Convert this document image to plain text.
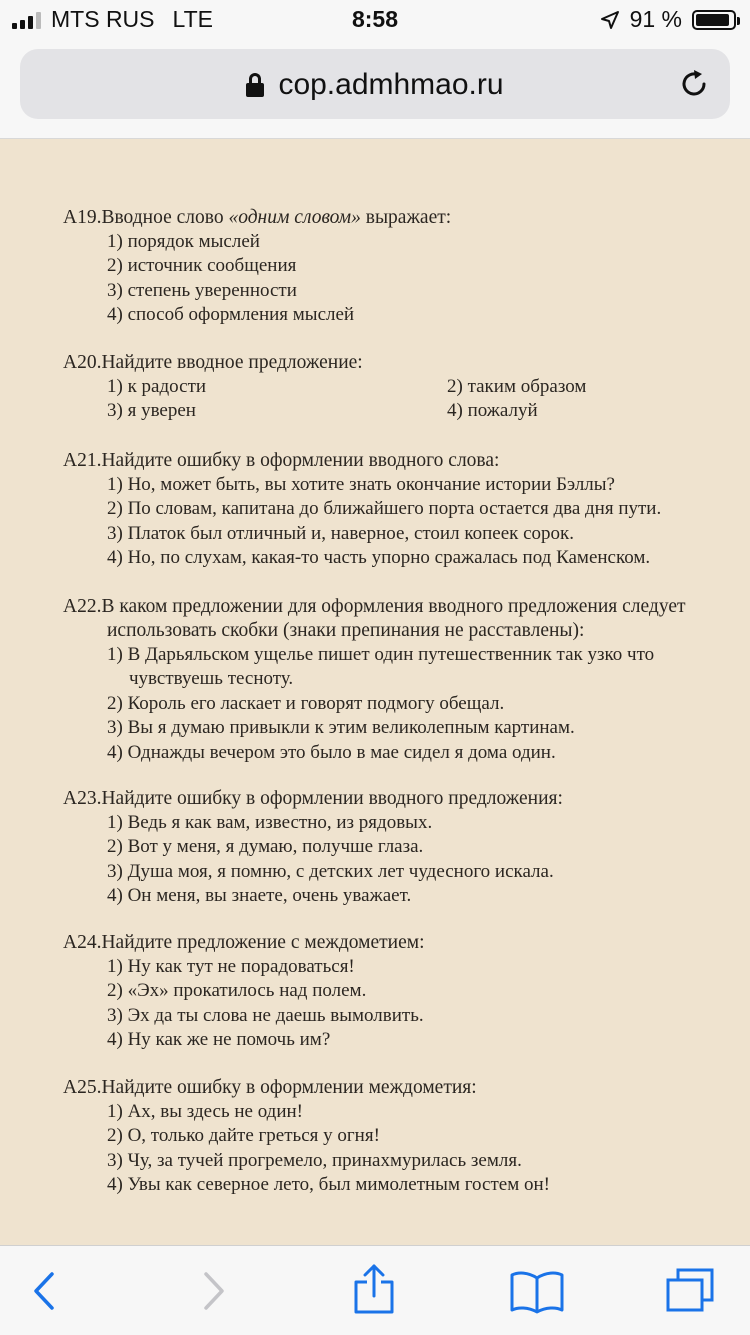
MTS RUS LTE	8:58	91 %
cop.admhmao.ru
A19.Вводное слово «одним словом» выражает:
1) порядок мыслей
2) источник сообщения
3) степень уверенности
4) способ оформления мыслей
A20.Найдите вводное предложение:
1) к радости	2) таким образом
3) я уверен	4) пожалуй
A21.Найдите ошибку в оформлении вводного слова:
1) Но, может быть, вы хотите знать окончание истории Бэллы?
2) По словам, капитана до ближайшего порта остается два дня пути.
3) Платок был отличный и, наверное, стоил копеек сорок.
4) Но, по слухам, какая-то часть упорно сражалась под Каменском.
A22.В каком предложении для оформления вводного предложения следует
использовать скобки (знаки препинания не расставлены):
1) В Дарьяльском ущелье пишет один путешественник так узко что
чувствуешь тесноту.
2) Король его ласкает и говорят подмогу обещал.
3) Вы я думаю привыкли к этим великолепным картинам.
4) Однажды вечером это было в мае сидел я дома один.
A23.Найдите ошибку в оформлении вводного предложения:
1) Ведь я как вам, известно, из рядовых.
2) Вот у меня, я думаю, получше глаза.
3) Душа моя, я помню, с детских лет чудесного искала.
4) Он меня, вы знаете, очень уважает.
A24.Найдите предложение с междометием:
1) Ну как тут не порадоваться!
2) «Эх» прокатилось над полем.
3) Эх да ты слова не даешь вымолвить.
4) Ну как же не помочь им?
A25.Найдите ошибку в оформлении междометия:
1) Ах, вы здесь не один!
2) О, только дайте греться у огня!
3) Чу, за тучей прогремело, принахмурилась земля.
4) Увы как северное лето, был мимолетным гостем он!
